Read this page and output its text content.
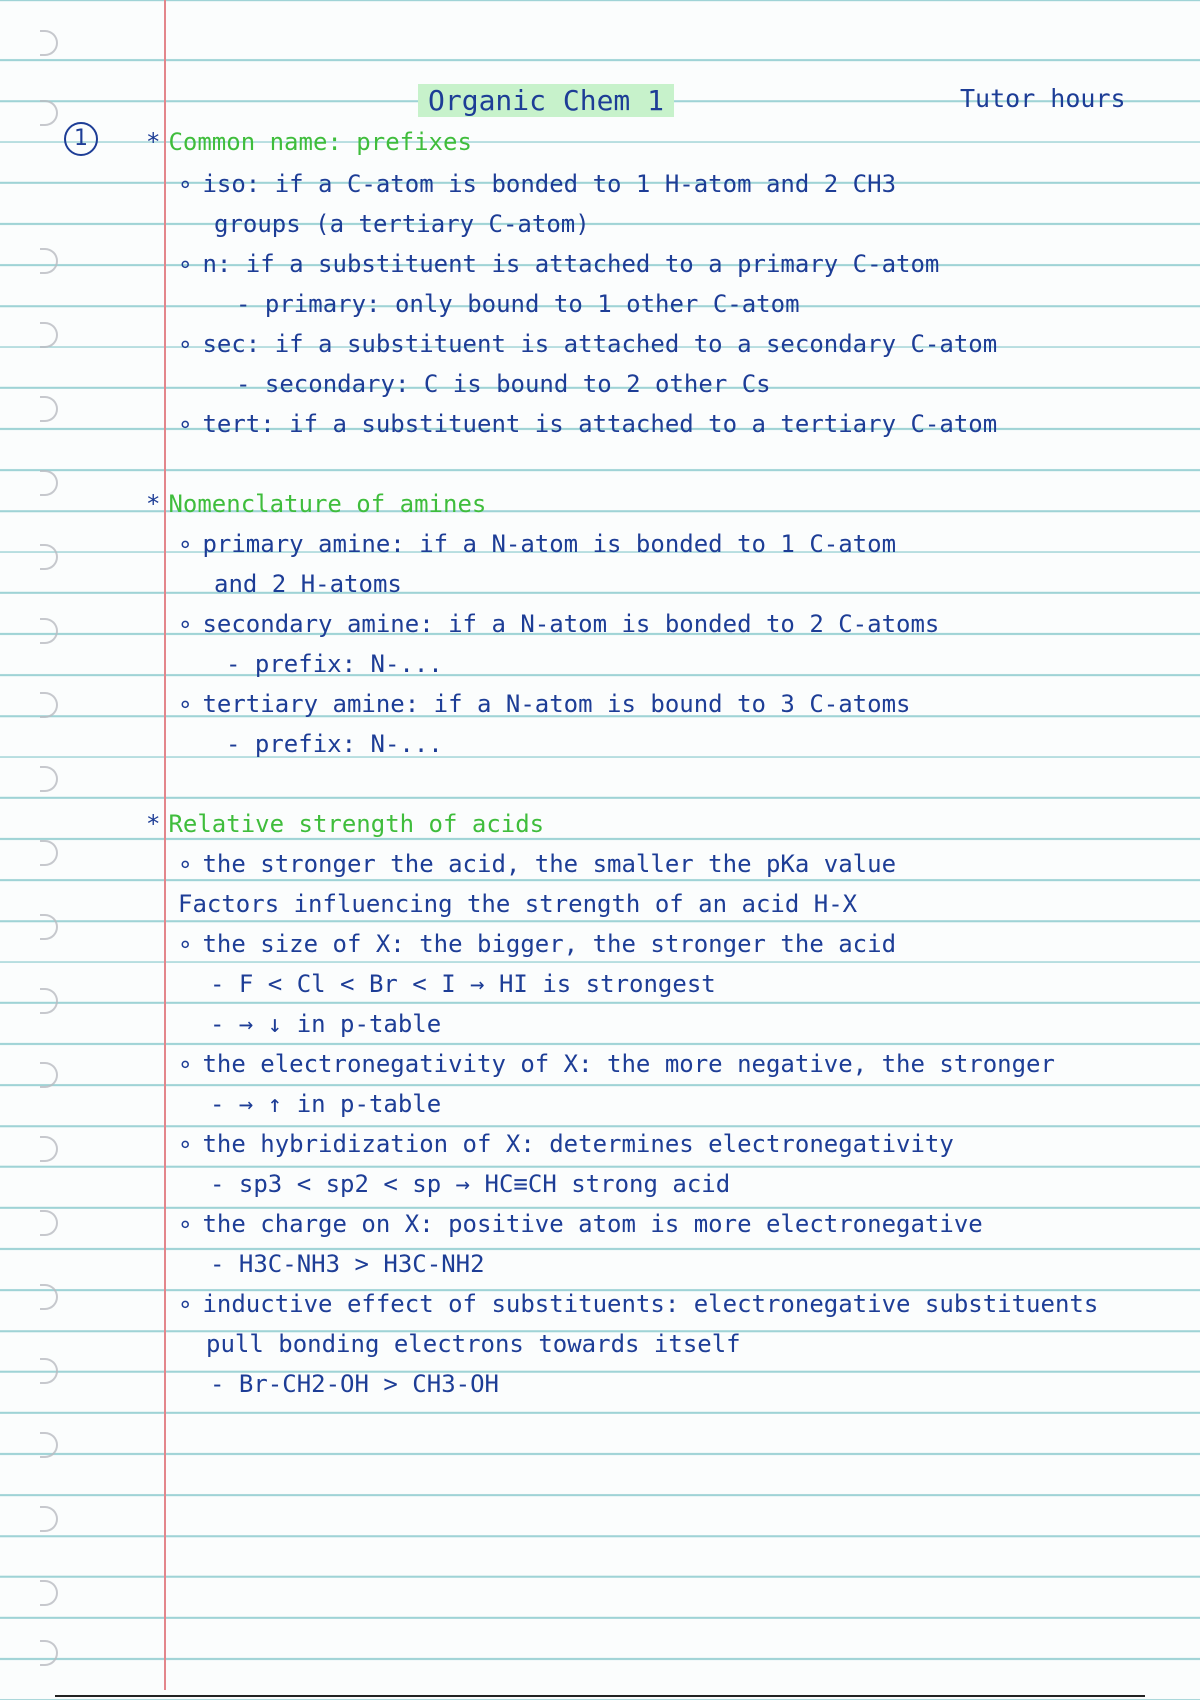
Organic Chem 1	Tutor hours
1	* Common name: prefixes
∘ iso: if a C-atom is bonded to 1 H-atom and 2 CH3
groups (a tertiary C-atom)
∘ n: if a substituent is attached to a primary C-atom
- primary: only bound to 1 other C-atom
∘ sec: if a substituent is attached to a secondary C-atom
- secondary: C is bound to 2 other Cs
∘ tert: if a substituent is attached to a tertiary C-atom
* Nomenclature of amines
∘ primary amine: if a N-atom is bonded to 1 C-atom
and 2 H-atoms
∘ secondary amine: if a N-atom is bonded to 2 C-atoms
- prefix: N-...
∘ tertiary amine: if a N-atom is bound to 3 C-atoms
- prefix: N-...
* Relative strength of acids
∘ the stronger the acid, the smaller the pKa value
Factors influencing the strength of an acid H-X
∘ the size of X: the bigger, the stronger the acid
- F < Cl < Br < I → HI is strongest
- → ↓ in p-table
∘ the electronegativity of X: the more negative, the stronger
- → ↑ in p-table
∘ the hybridization of X: determines electronegativity
- sp3 < sp2 < sp → HC≡CH strong acid
∘ the charge on X: positive atom is more electronegative
- H3C-NH3 > H3C-NH2
∘ inductive effect of substituents: electronegative substituents
pull bonding electrons towards itself
- Br-CH2-OH > CH3-OH
